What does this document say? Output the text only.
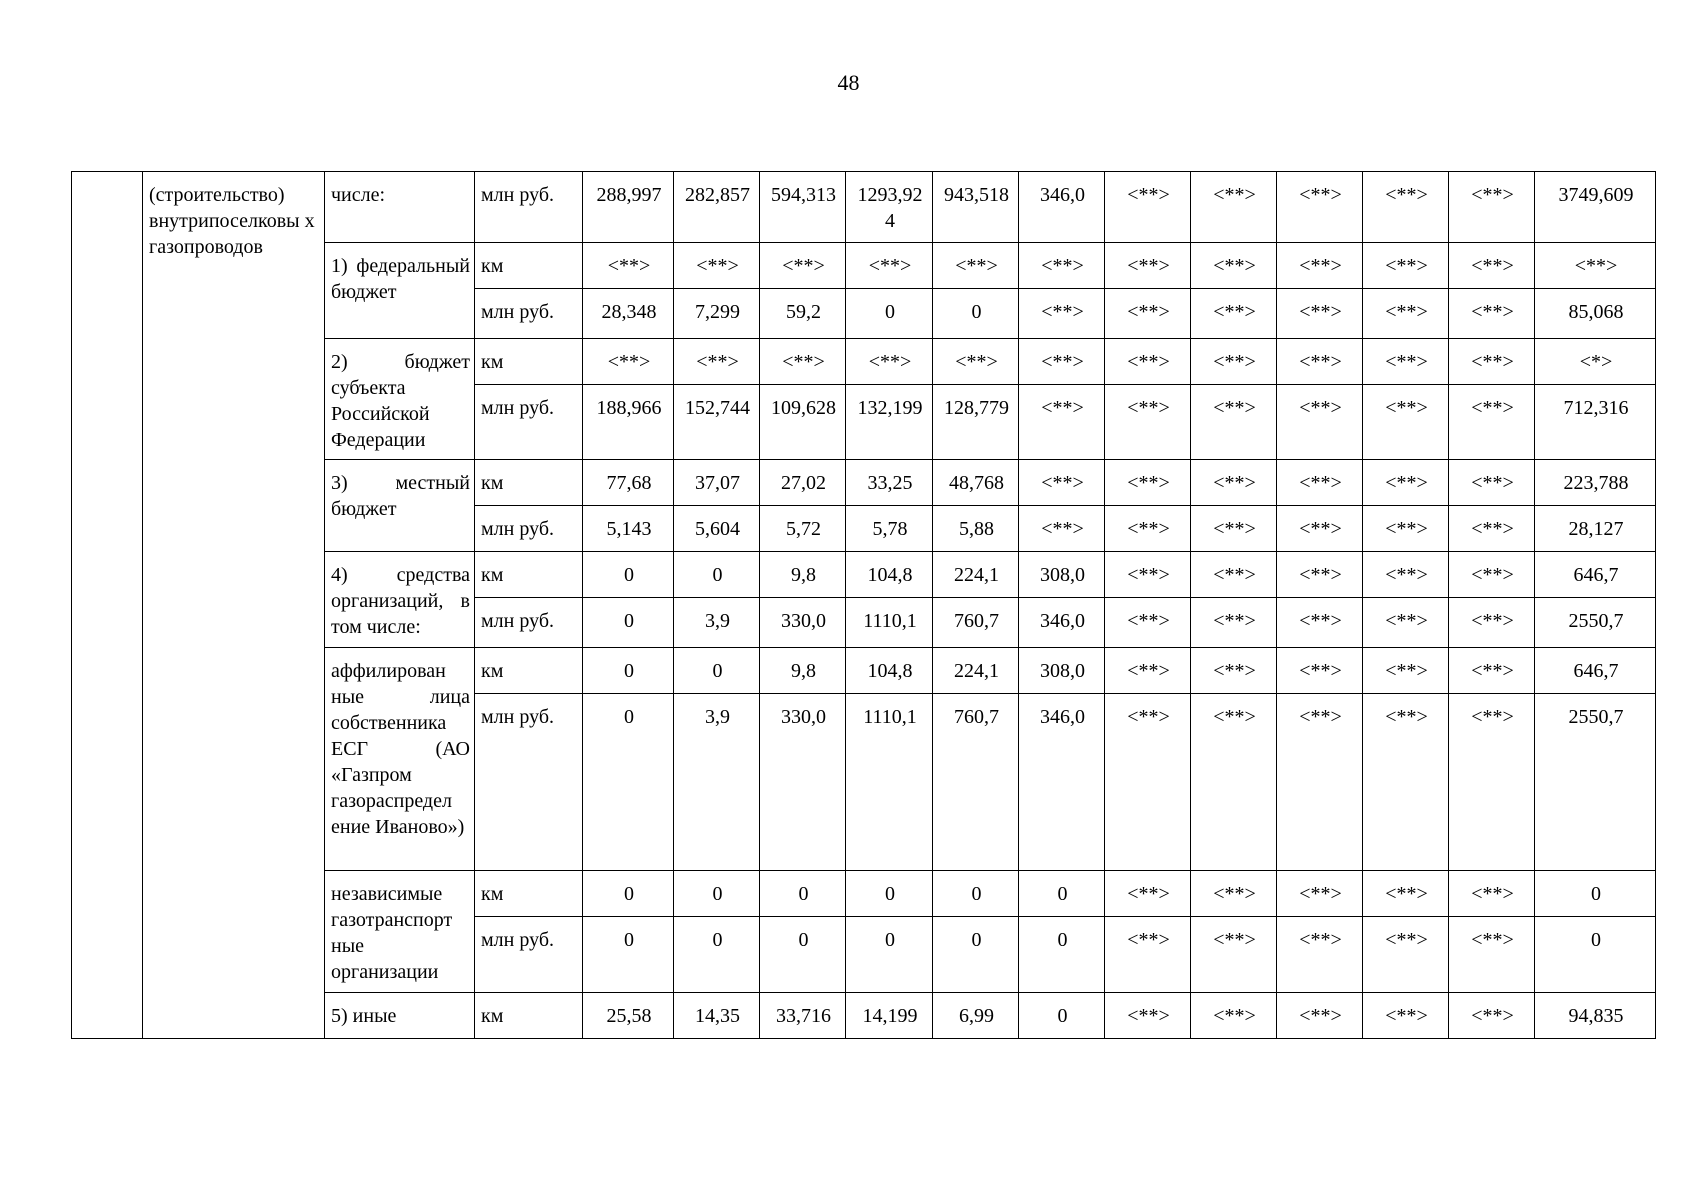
48
	(строительство) внутрипоселковы х газопроводов	числе:	млн руб.	288,997	282,857	594,313	1293,92 4	943,518	346,0	<**>	<**>	<**>	<**>	<**>	3749,609
		1) федеральный бюджет	км	<**>	<**>	<**>	<**>	<**>	<**>	<**>	<**>	<**>	<**>	<**>	<**>
			млн руб.	28,348	7,299	59,2	0	0	<**>	<**>	<**>	<**>	<**>	<**>	85,068
		2) бюджет субъекта Российской Федерации	км	<**>	<**>	<**>	<**>	<**>	<**>	<**>	<**>	<**>	<**>	<**>	<*>
			млн руб.	188,966	152,744	109,628	132,199	128,779	<**>	<**>	<**>	<**>	<**>	<**>	712,316
		3) местный бюджет	км	77,68	37,07	27,02	33,25	48,768	<**>	<**>	<**>	<**>	<**>	<**>	223,788
			млн руб.	5,143	5,604	5,72	5,78	5,88	<**>	<**>	<**>	<**>	<**>	<**>	28,127
		4) средства организаций, в том числе:	км	0	0	9,8	104,8	224,1	308,0	<**>	<**>	<**>	<**>	<**>	646,7
			млн руб.	0	3,9	330,0	1110,1	760,7	346,0	<**>	<**>	<**>	<**>	<**>	2550,7
		аффилирован ные лица собственника ЕСГ (АО «Газпром газораспредел ение Иваново»)	км	0	0	9,8	104,8	224,1	308,0	<**>	<**>	<**>	<**>	<**>	646,7
			млн руб.	0	3,9	330,0	1110,1	760,7	346,0	<**>	<**>	<**>	<**>	<**>	2550,7
		независимые газотранспорт ные организации	км	0	0	0	0	0	0	<**>	<**>	<**>	<**>	<**>	0
			млн руб.	0	0	0	0	0	0	<**>	<**>	<**>	<**>	<**>	0
		5) иные	км	25,58	14,35	33,716	14,199	6,99	0	<**>	<**>	<**>	<**>	<**>	94,835
